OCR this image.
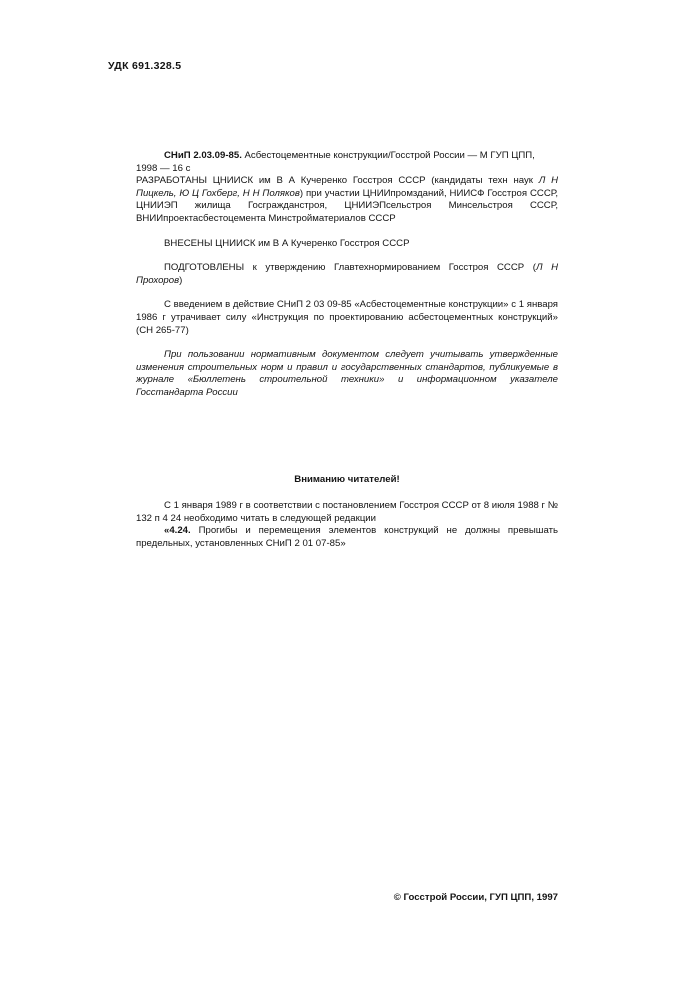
УДК 691.328.5

СНиП 2.03.09-85. Асбестоцементные конструкции/Госстрой России — М ГУП ЦПП,
1998 — 16 с
РАЗРАБОТАНЫ ЦНИИСК им В А Кучеренко Госстроя СССР (кандидаты техн наук Л Н Пицкель, Ю Ц Гохберг, Н Н Поляков) при участии ЦНИИпромзданий, НИИСФ Госстроя СССР, ЦНИИЭП жилища Госгражданстроя, ЦНИИЭПсельстроя Минсельстроя СССР, ВНИИпроектасбестоцемента Минстройматериалов СССР

ВНЕСЕНЫ ЦНИИСК им В А Кучеренко Госстроя СССР

ПОДГОТОВЛЕНЫ к утверждению Главтехнормированием Госстроя СССР (Л Н Прохоров)

С введением в действие СНиП 2 03 09-85 «Асбестоцементные конструкции» с 1 января 1986 г утрачивает силу «Инструкция по проектированию асбестоцементных конструкций» (СН 265-77)

При пользовании нормативным документом следует учитывать утвержденные изменения строительных норм и правил и государственных стандартов, публикуемые в журнале «Бюллетень строительной техники» и информационном указателе Госстандарта России

Вниманию читателей!

С 1 января 1989 г в соответствии с постановлением Госстроя СССР от 8 июля 1988 г № 132 п 4 24 необходимо читать в следующей редакции

«4.24. Прогибы и перемещения элементов конструкций не должны превышать предельных, установленных СНиП 2 01 07-85»

© Госстрой России, ГУП ЦПП, 1997
